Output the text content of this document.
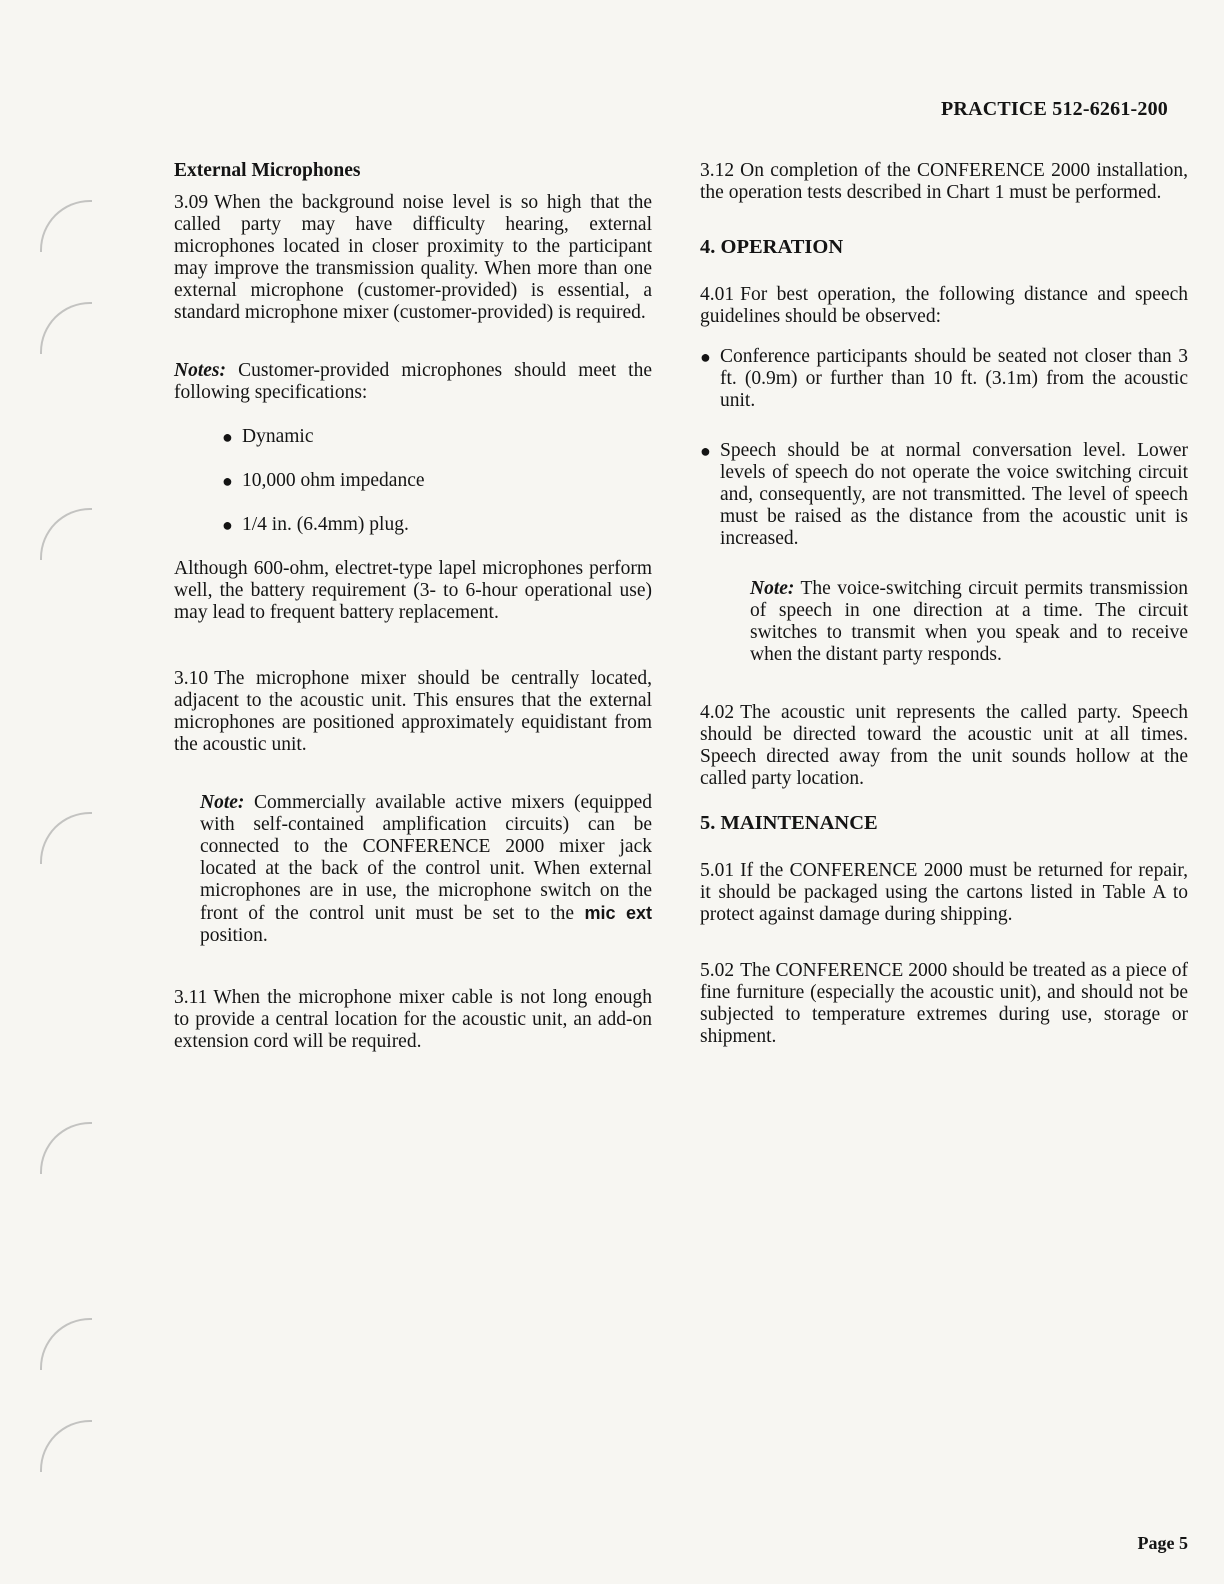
PRACTICE 512-6261-200
External Microphones

3.09 When the background noise level is so high that the called party may have difficulty hearing, external microphones located in closer proximity to the participant may improve the transmission quality. When more than one external microphone (customer-provided) is essential, a standard microphone mixer (customer-provided) is required.

Notes: Customer-provided microphones should meet the following specifications:

● Dynamic
● 10,000 ohm impedance
● 1/4 in. (6.4mm) plug.

Although 600-ohm, electret-type lapel microphones perform well, the battery requirement (3- to 6-hour operational use) may lead to frequent battery replacement.

3.10 The microphone mixer should be centrally located, adjacent to the acoustic unit. This ensures that the external microphones are positioned approximately equidistant from the acoustic unit.

Note: Commercially available active mixers (equipped with self-contained amplification circuits) can be connected to the CONFERENCE 2000 mixer jack located at the back of the control unit. When external microphones are in use, the microphone switch on the front of the control unit must be set to the mic ext position.

3.11 When the microphone mixer cable is not long enough to provide a central location for the acoustic unit, an add-on extension cord will be required.

3.12 On completion of the CONFERENCE 2000 installation, the operation tests described in Chart 1 must be performed.

4. OPERATION

4.01 For best operation, the following distance and speech guidelines should be observed:

● Conference participants should be seated not closer than 3 ft. (0.9m) or further than 10 ft. (3.1m) from the acoustic unit.

● Speech should be at normal conversation level. Lower levels of speech do not operate the voice switching circuit and, consequently, are not transmitted. The level of speech must be raised as the distance from the acoustic unit is increased.

Note: The voice-switching circuit permits transmission of speech in one direction at a time. The circuit switches to transmit when you speak and to receive when the distant party responds.

4.02 The acoustic unit represents the called party. Speech should be directed toward the acoustic unit at all times. Speech directed away from the unit sounds hollow at the called party location.

5. MAINTENANCE

5.01 If the CONFERENCE 2000 must be returned for repair, it should be packaged using the cartons listed in Table A to protect against damage during shipping.

5.02 The CONFERENCE 2000 should be treated as a piece of fine furniture (especially the acoustic unit), and should not be subjected to temperature extremes during use, storage or shipment.

Page 5
